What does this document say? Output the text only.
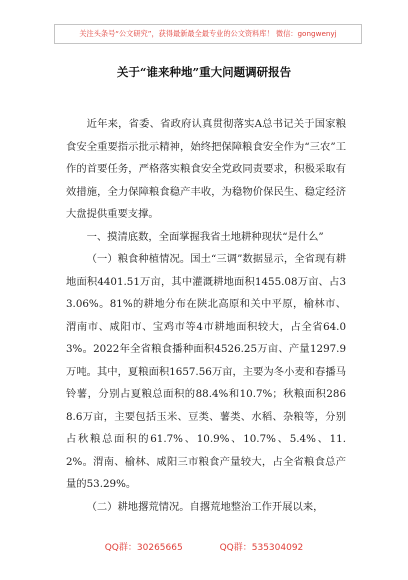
关注头条号“公文研究”，获得最新最全最专业的公文资料库！ 微信：gongwenyj
关于“谁来种地”重大问题调研报告

近年来，省委、省政府认真贯彻落实A总书记关于国家粮食安全重要指示批示精神，始终把保障粮食安全作为“三农”工作的首要任务，严格落实粮食安全党政同责要求，积极采取有效措施，全力保障粮食稳产丰收，为稳物价保民生、稳定经济大盘提供重要支撑。

一、摸清底数，全面掌握我省土地耕种现状“是什么”

（一）粮食种植情况。国土“三调”数据显示，全省现有耕地面积4401.51万亩，其中灌溉耕地面积1455.08万亩、占33.06%。81%的耕地分布在陕北高原和关中平原，榆林市、渭南市、咸阳市、宝鸡市等4市耕地面积较大，占全省64.03%。2022年全省粮食播种面积4526.25万亩、产量1297.9万吨。其中，夏粮面积1657.56万亩，主要为冬小麦和春播马铃薯，分别占夏粮总面积的88.4%和10.7%；秋粮面积2868.6万亩，主要包括玉米、豆类、薯类、水稻、杂粮等，分别占秋粮总面积的61.7%、10.9%、10.7%、5.4%、11.2%。渭南、榆林、咸阳三市粮食产量较大，占全省粮食总产量的53.29%。

（二）耕地撂荒情况。自撂荒地整治工作开展以来，

QQ群：30265665	QQ群：535304092
